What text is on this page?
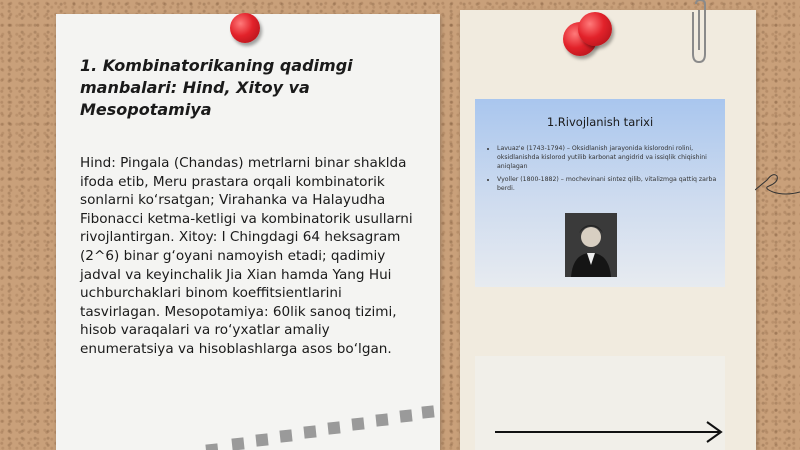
1. Kombinatorikaning qadimgi manbalari: Hind, Xitoy va Mesopotamiya

Hind: Pingala (Chandas) metrlarni binar shaklda ifoda etib, Meru prastara orqali kombinatorik sonlarni ko‘rsatgan; Virahanka va Halayudha Fibonacci ketma-ketligi va kombinatorik usullarni rivojlantirgan. Xitoy: I Chingdagi 64 heksagram (2^6) binar g‘oyani namoyish etadi; qadimiy jadval va keyinchalik Jia Xian hamda Yang Hui uchburchaklari binom koeffitsientlarini tasvirlagan. Mesopotamiya: 60lik sanoq tizimi, hisob varaqalari va ro‘yxatlar amaliy enumeratsiya va hisoblashlarga asos bo‘lgan.

1.Rivojlanish tarixi
• Lavuaz'e (1743-1794) – Oksidlanish jarayonida kislorodni rolini, oksidlanishda kislorod yutilib karbonat angidrid va issiqlik chiqishini aniqlagan
• Vyoller (1800-1882) – mochevinani sintez qilib, vitalizmga qattiq zarba berdi.
